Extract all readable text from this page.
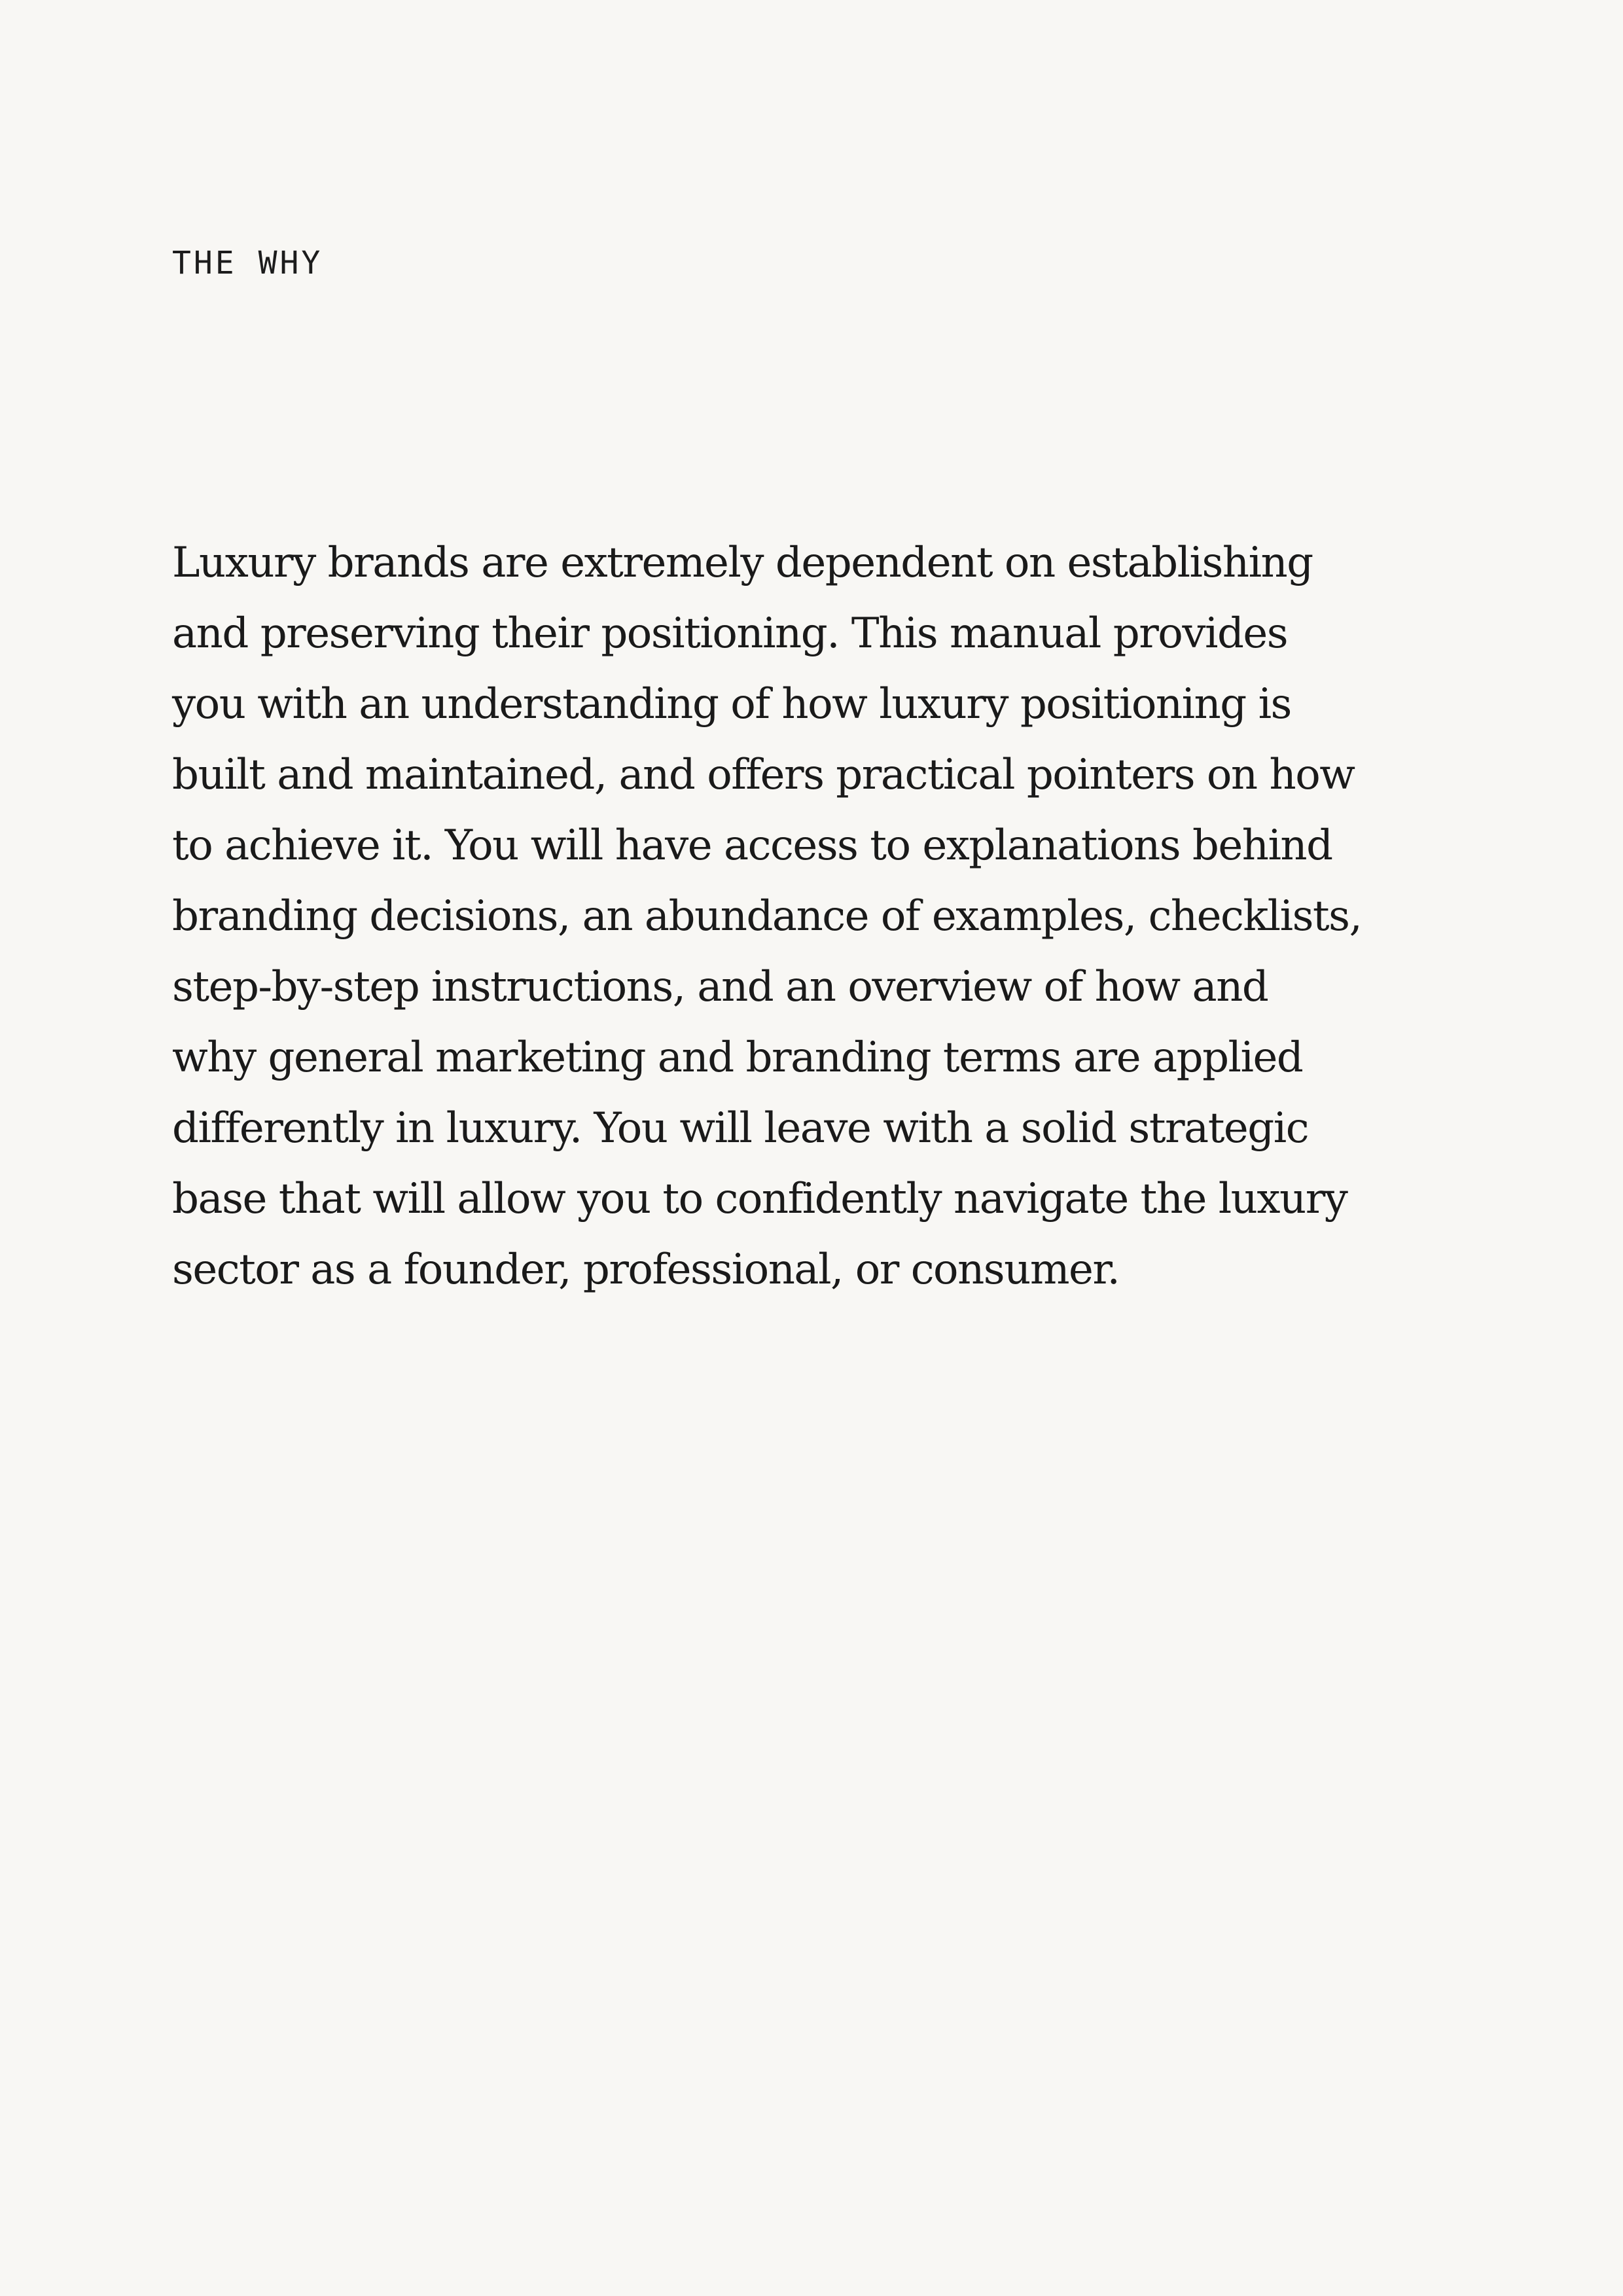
THE WHY

Luxury brands are extremely dependent on establishing
and preserving their positioning. This manual provides
you with an understanding of how luxury positioning is
built and maintained, and offers practical pointers on how
to achieve it. You will have access to explanations behind
branding decisions, an abundance of examples, checklists,
step-by-step instructions, and an overview of how and
why general marketing and branding terms are applied
differently in luxury. You will leave with a solid strategic
base that will allow you to confidently navigate the luxury
sector as a founder, professional, or consumer.
